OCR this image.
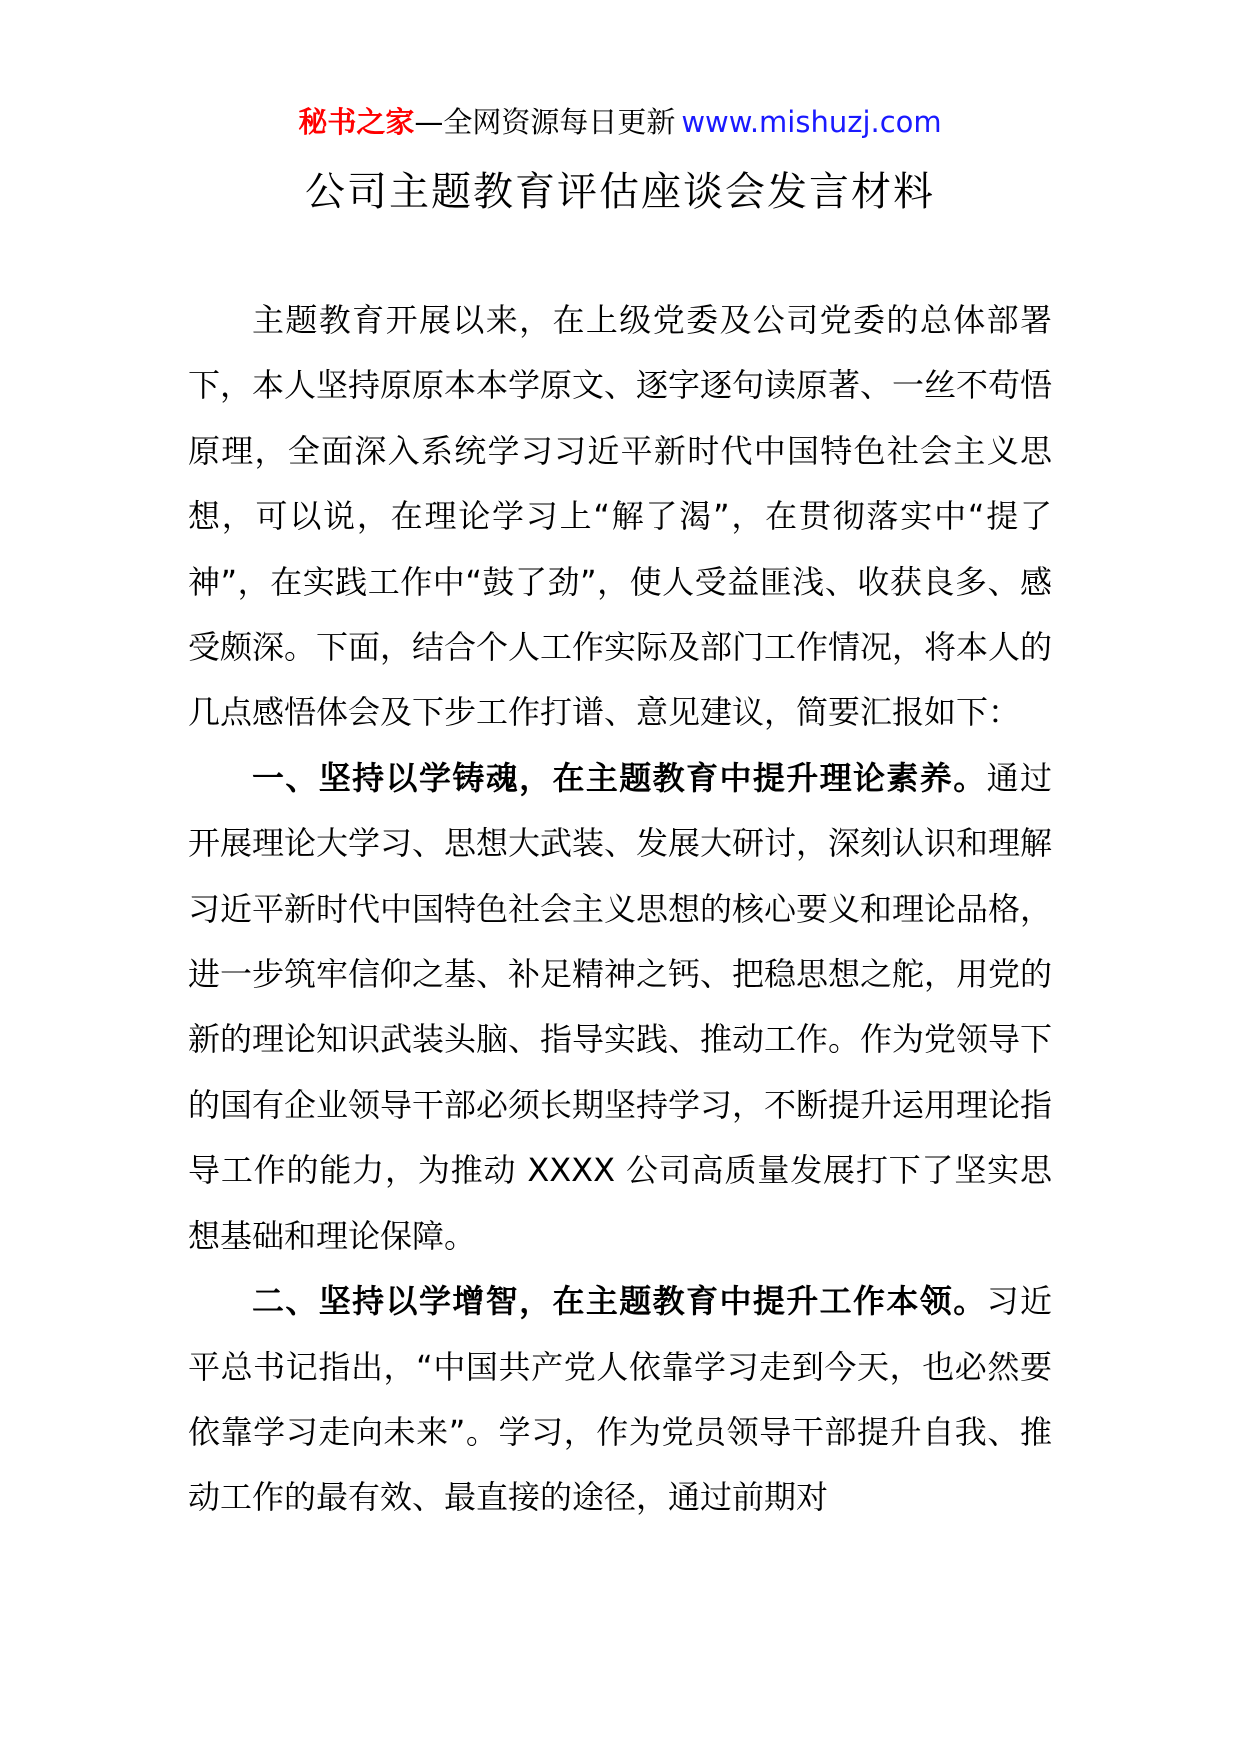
秘书之家—全网资源每日更新 www.mishuzj.com
公司主题教育评估座谈会发言材料

主题教育开展以来，在上级党委及公司党委的总体部署下，本人坚持原原本本学原文、逐字逐句读原著、一丝不苟悟原理，全面深入系统学习习近平新时代中国特色社会主义思想，可以说，在理论学习上“解了渴”，在贯彻落实中“提了神”，在实践工作中“鼓了劲”，使人受益匪浅、收获良多、感受颇深。下面，结合个人工作实际及部门工作情况，将本人的几点感悟体会及下步工作打谱、意见建议，简要汇报如下：

一、坚持以学铸魂，在主题教育中提升理论素养。通过开展理论大学习、思想大武装、发展大研讨，深刻认识和理解习近平新时代中国特色社会主义思想的核心要义和理论品格，进一步筑牢信仰之基、补足精神之钙、把稳思想之舵，用党的新的理论知识武装头脑、指导实践、推动工作。作为党领导下的国有企业领导干部必须长期坚持学习，不断提升运用理论指导工作的能力，为推动 XXXX 公司高质量发展打下了坚实思想基础和理论保障。

二、坚持以学增智，在主题教育中提升工作本领。习近平总书记指出，“中国共产党人依靠学习走到今天，也必然要依靠学习走向未来”。学习，作为党员领导干部提升自我、推动工作的最有效、最直接的途径，通过前期对
